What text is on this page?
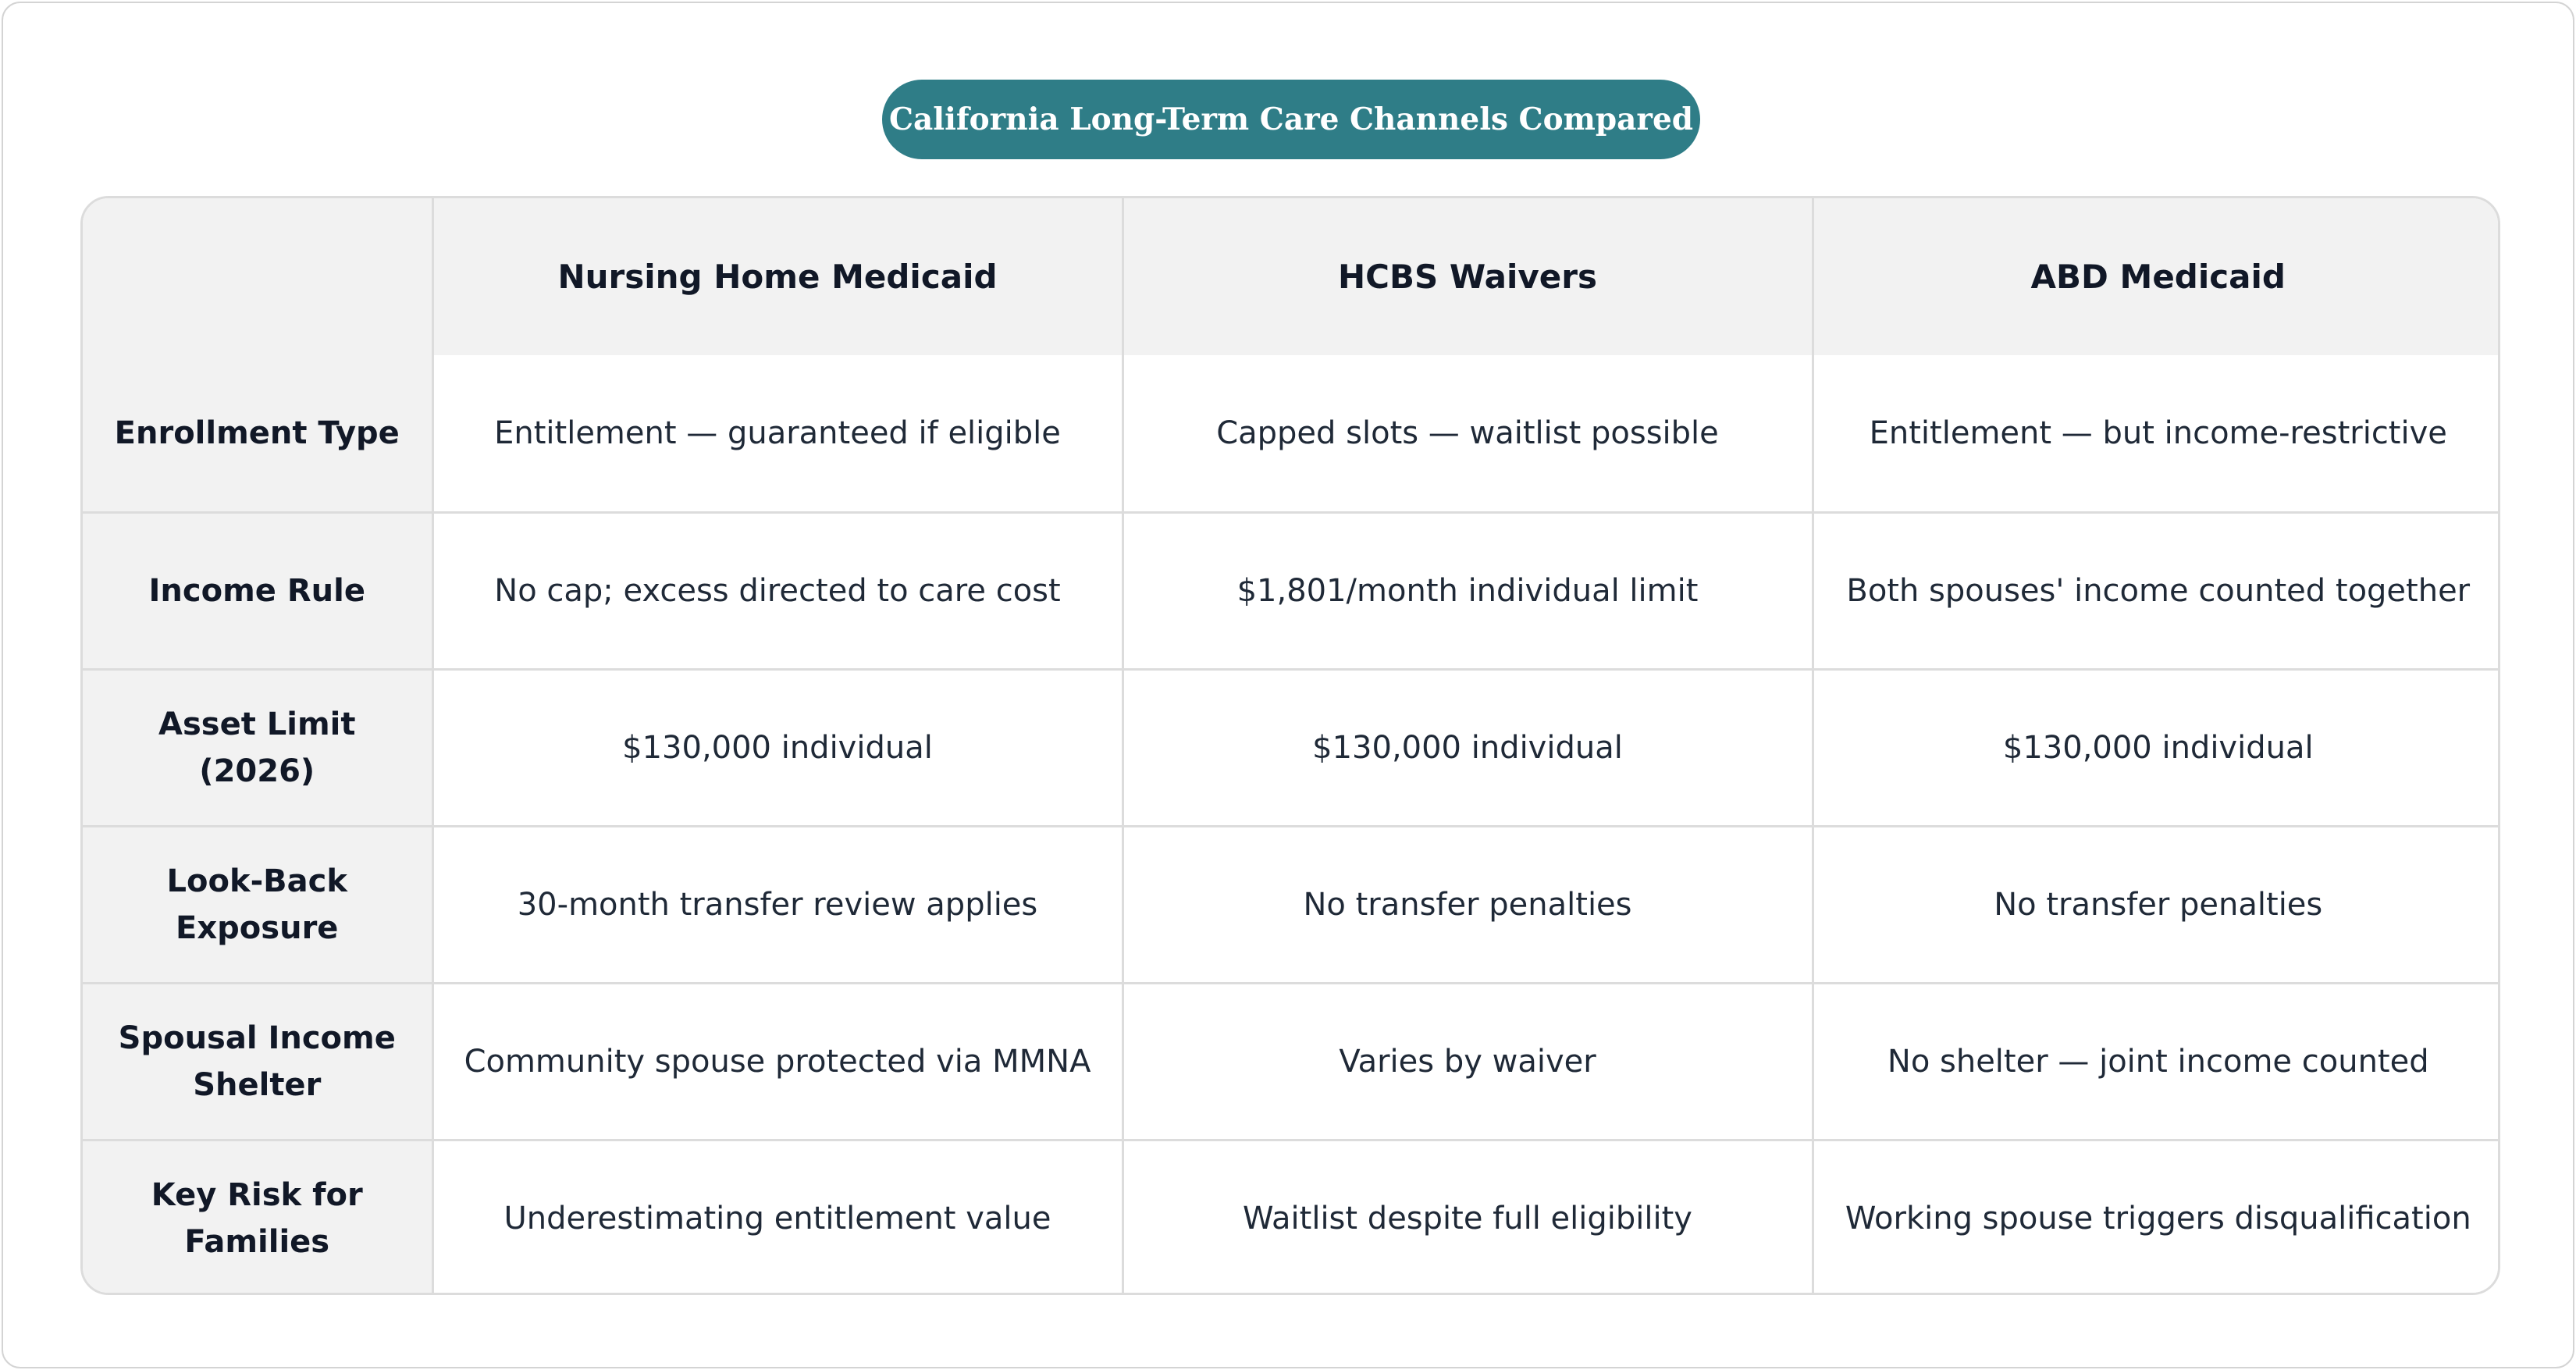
California Long-Term Care Channels Compared
	Nursing Home Medicaid	HCBS Waivers	ABD Medicaid
Enrollment Type	Entitlement — guaranteed if eligible	Capped slots — waitlist possible	Entitlement — but income-restrictive
Income Rule	No cap; excess directed to care cost	$1,801/month individual limit	Both spouses' income counted together
Asset Limit (2026)	$130,000 individual	$130,000 individual	$130,000 individual
Look-Back Exposure	30-month transfer review applies	No transfer penalties	No transfer penalties
Spousal Income Shelter	Community spouse protected via MMNA	Varies by waiver	No shelter — joint income counted
Key Risk for Families	Underestimating entitlement value	Waitlist despite full eligibility	Working spouse triggers disqualification
